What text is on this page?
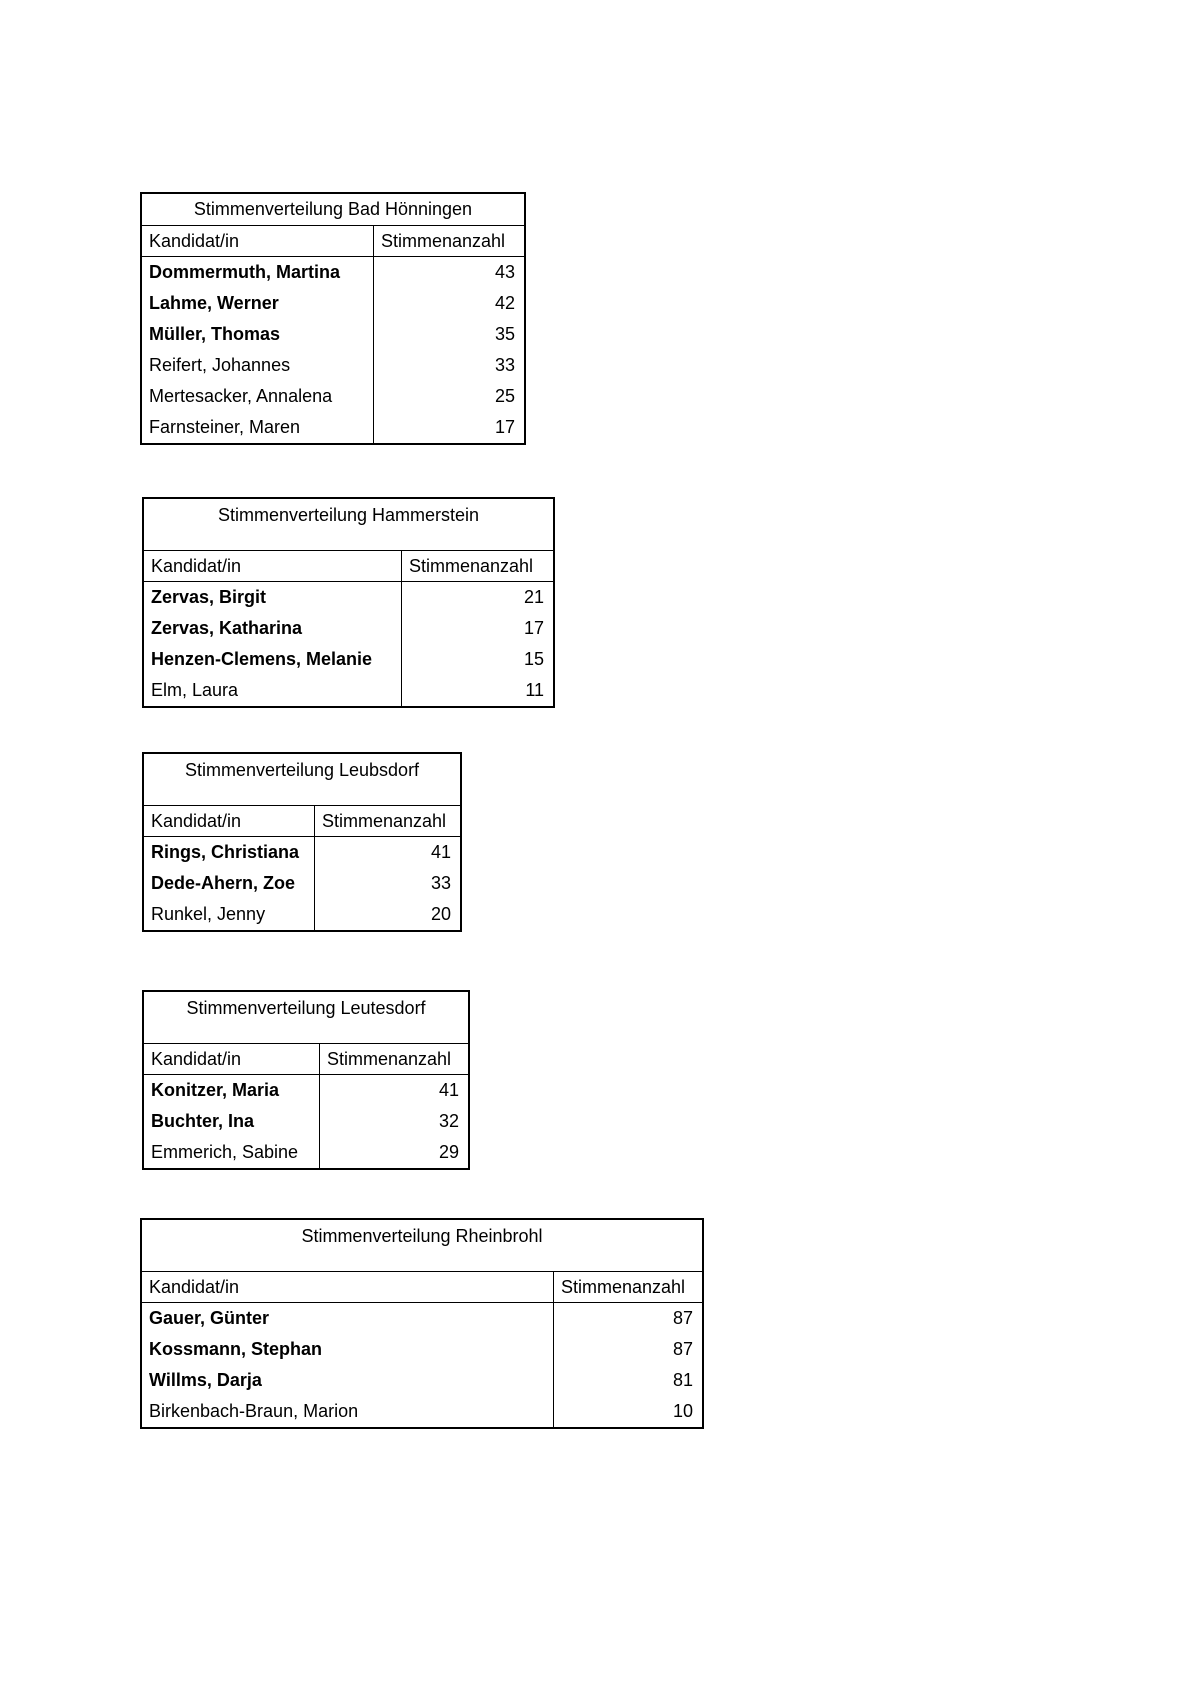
Stimmenverteilung Bad Hönningen
Kandidat/in	Stimmenanzahl
Dommermuth, Martina	43
Lahme, Werner	42
Müller, Thomas	35
Reifert, Johannes	33
Mertesacker, Annalena	25
Farnsteiner, Maren	17
Stimmenverteilung Hammerstein
Kandidat/in	Stimmenanzahl
Zervas, Birgit	21
Zervas, Katharina	17
Henzen-Clemens, Melanie	15
Elm, Laura	11
Stimmenverteilung Leubsdorf
Kandidat/in	Stimmenanzahl
Rings, Christiana	41
Dede-Ahern, Zoe	33
Runkel, Jenny	20
Stimmenverteilung Leutesdorf
Kandidat/in	Stimmenanzahl
Konitzer, Maria	41
Buchter, Ina	32
Emmerich, Sabine	29
Stimmenverteilung Rheinbrohl
Kandidat/in	Stimmenanzahl
Gauer, Günter	87
Kossmann, Stephan	87
Willms, Darja	81
Birkenbach-Braun, Marion	10
